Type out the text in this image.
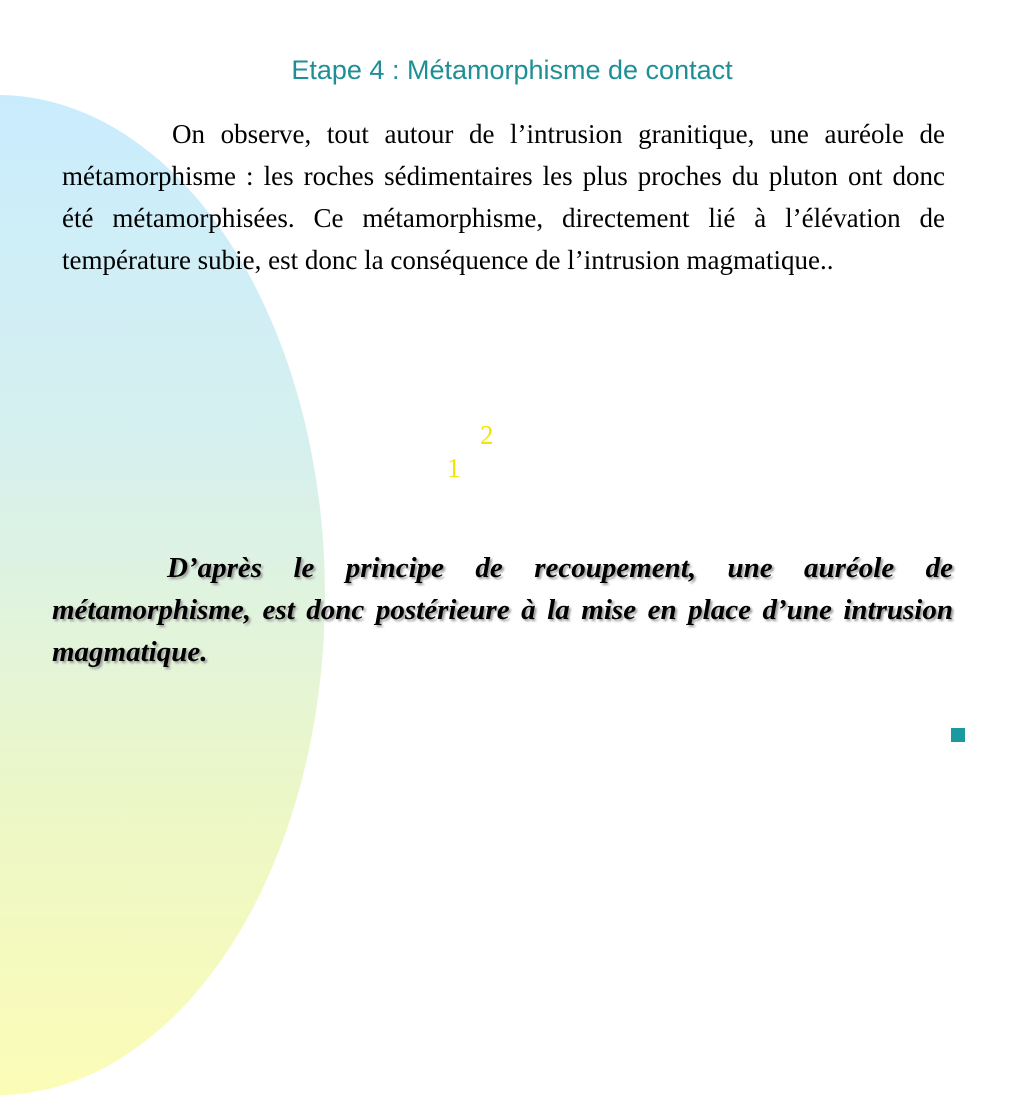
Etape 4 : Métamorphisme de contact

On observe, tout autour de l’intrusion granitique, une auréole de métamorphisme : les roches sédimentaires les plus proches du pluton ont donc été métamorphisées. Ce métamorphisme, directement lié à l’élévation de température subie, est donc la conséquence de l’intrusion magmatique..

2
1

D’après le principe de recoupement, une auréole de métamorphisme, est donc postérieure à la mise en place d’une intrusion magmatique.
